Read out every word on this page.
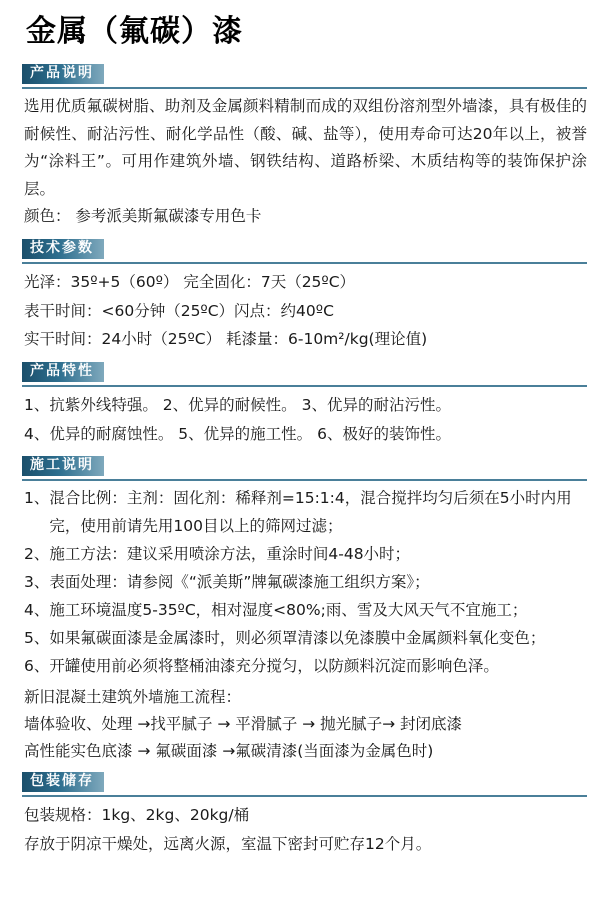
金属（氟碳）漆
产品说明

选用优质氟碳树脂、助剂及金属颜料精制而成的双组份溶剂型外墙漆，具有极佳的耐候性、耐沾污性、耐化学品性（酸、碱、盐等），使用寿命可达20年以上，被誉为“涂料王”。可用作建筑外墙、钢铁结构、道路桥梁、木质结构等的装饰保护涂层。

颜色： 参考派美斯氟碳漆专用色卡

技术参数
光泽：35º+5（60º） 完全固化：7天（25ºC）
表干时间：<60分钟（25ºC）闪点：约40ºC
实干时间：24小时（25ºC） 耗漆量：6-10m²/kg(理论值)
产品特性
1、抗紫外线特强。 2、优异的耐候性。 3、优异的耐沾污性。
4、优异的耐腐蚀性。 5、优异的施工性。 6、极好的装饰性。
施工说明
1、 混合比例：主剂：固化剂：稀释剂=15:1:4，混合搅拌均匀后须在5小时内用完，使用前请先用100目以上的筛网过滤；
2、 施工方法：建议采用喷涂方法，重涂时间4-48小时；
3、 表面处理：请参阅《“派美斯”牌氟碳漆施工组织方案》；
4、 施工环境温度5-35ºC，相对湿度<80%;雨、雪及大风天气不宜施工；
5、 如果氟碳面漆是金属漆时，则必须罩清漆以免漆膜中金属颜料氧化变色；
6、 开罐使用前必须将整桶油漆充分搅匀，以防颜料沉淀而影响色泽。
新旧混凝土建筑外墙施工流程：
墙体验收、处理 →找平腻子 → 平滑腻子 → 抛光腻子→ 封闭底漆
高性能实色底漆 → 氟碳面漆 →氟碳清漆(当面漆为金属色时)
包装储存
包装规格：1kg、2kg、20kg/桶
存放于阴凉干燥处，远离火源，室温下密封可贮存12个月。
